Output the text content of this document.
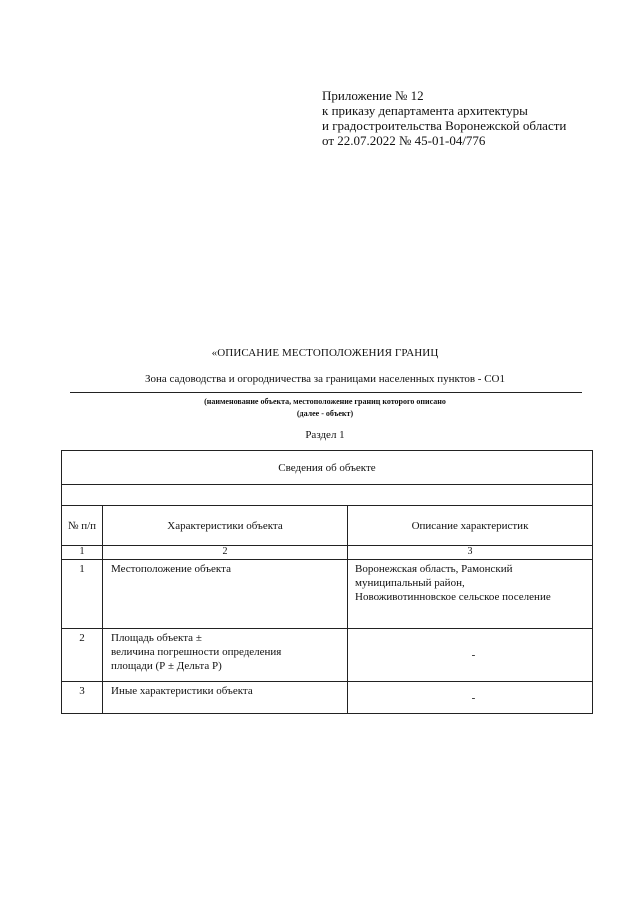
Приложение № 12
к приказу департамента архитектуры
и градостроительства Воронежской области
от 22.07.2022 № 45-01-04/776
«ОПИСАНИЕ МЕСТОПОЛОЖЕНИЯ ГРАНИЦ
Зона садоводства и огородничества за границами населенных пунктов - СО1
(наименование объекта, местоположение границ которого описано
(далее - объект)
Раздел 1
Сведения об объекте		

№ п/п	Характеристики объекта	Описание характеристик
1	2	3
1	Местоположение объекта	Воронежская область, Рамонский
муниципальный район,
Новоживотинновское сельское поселение

2	Площадь объекта ±
величина погрешности определения
площади (Р ± Дельта Р)	-
3	Иные характеристики объекта	-
